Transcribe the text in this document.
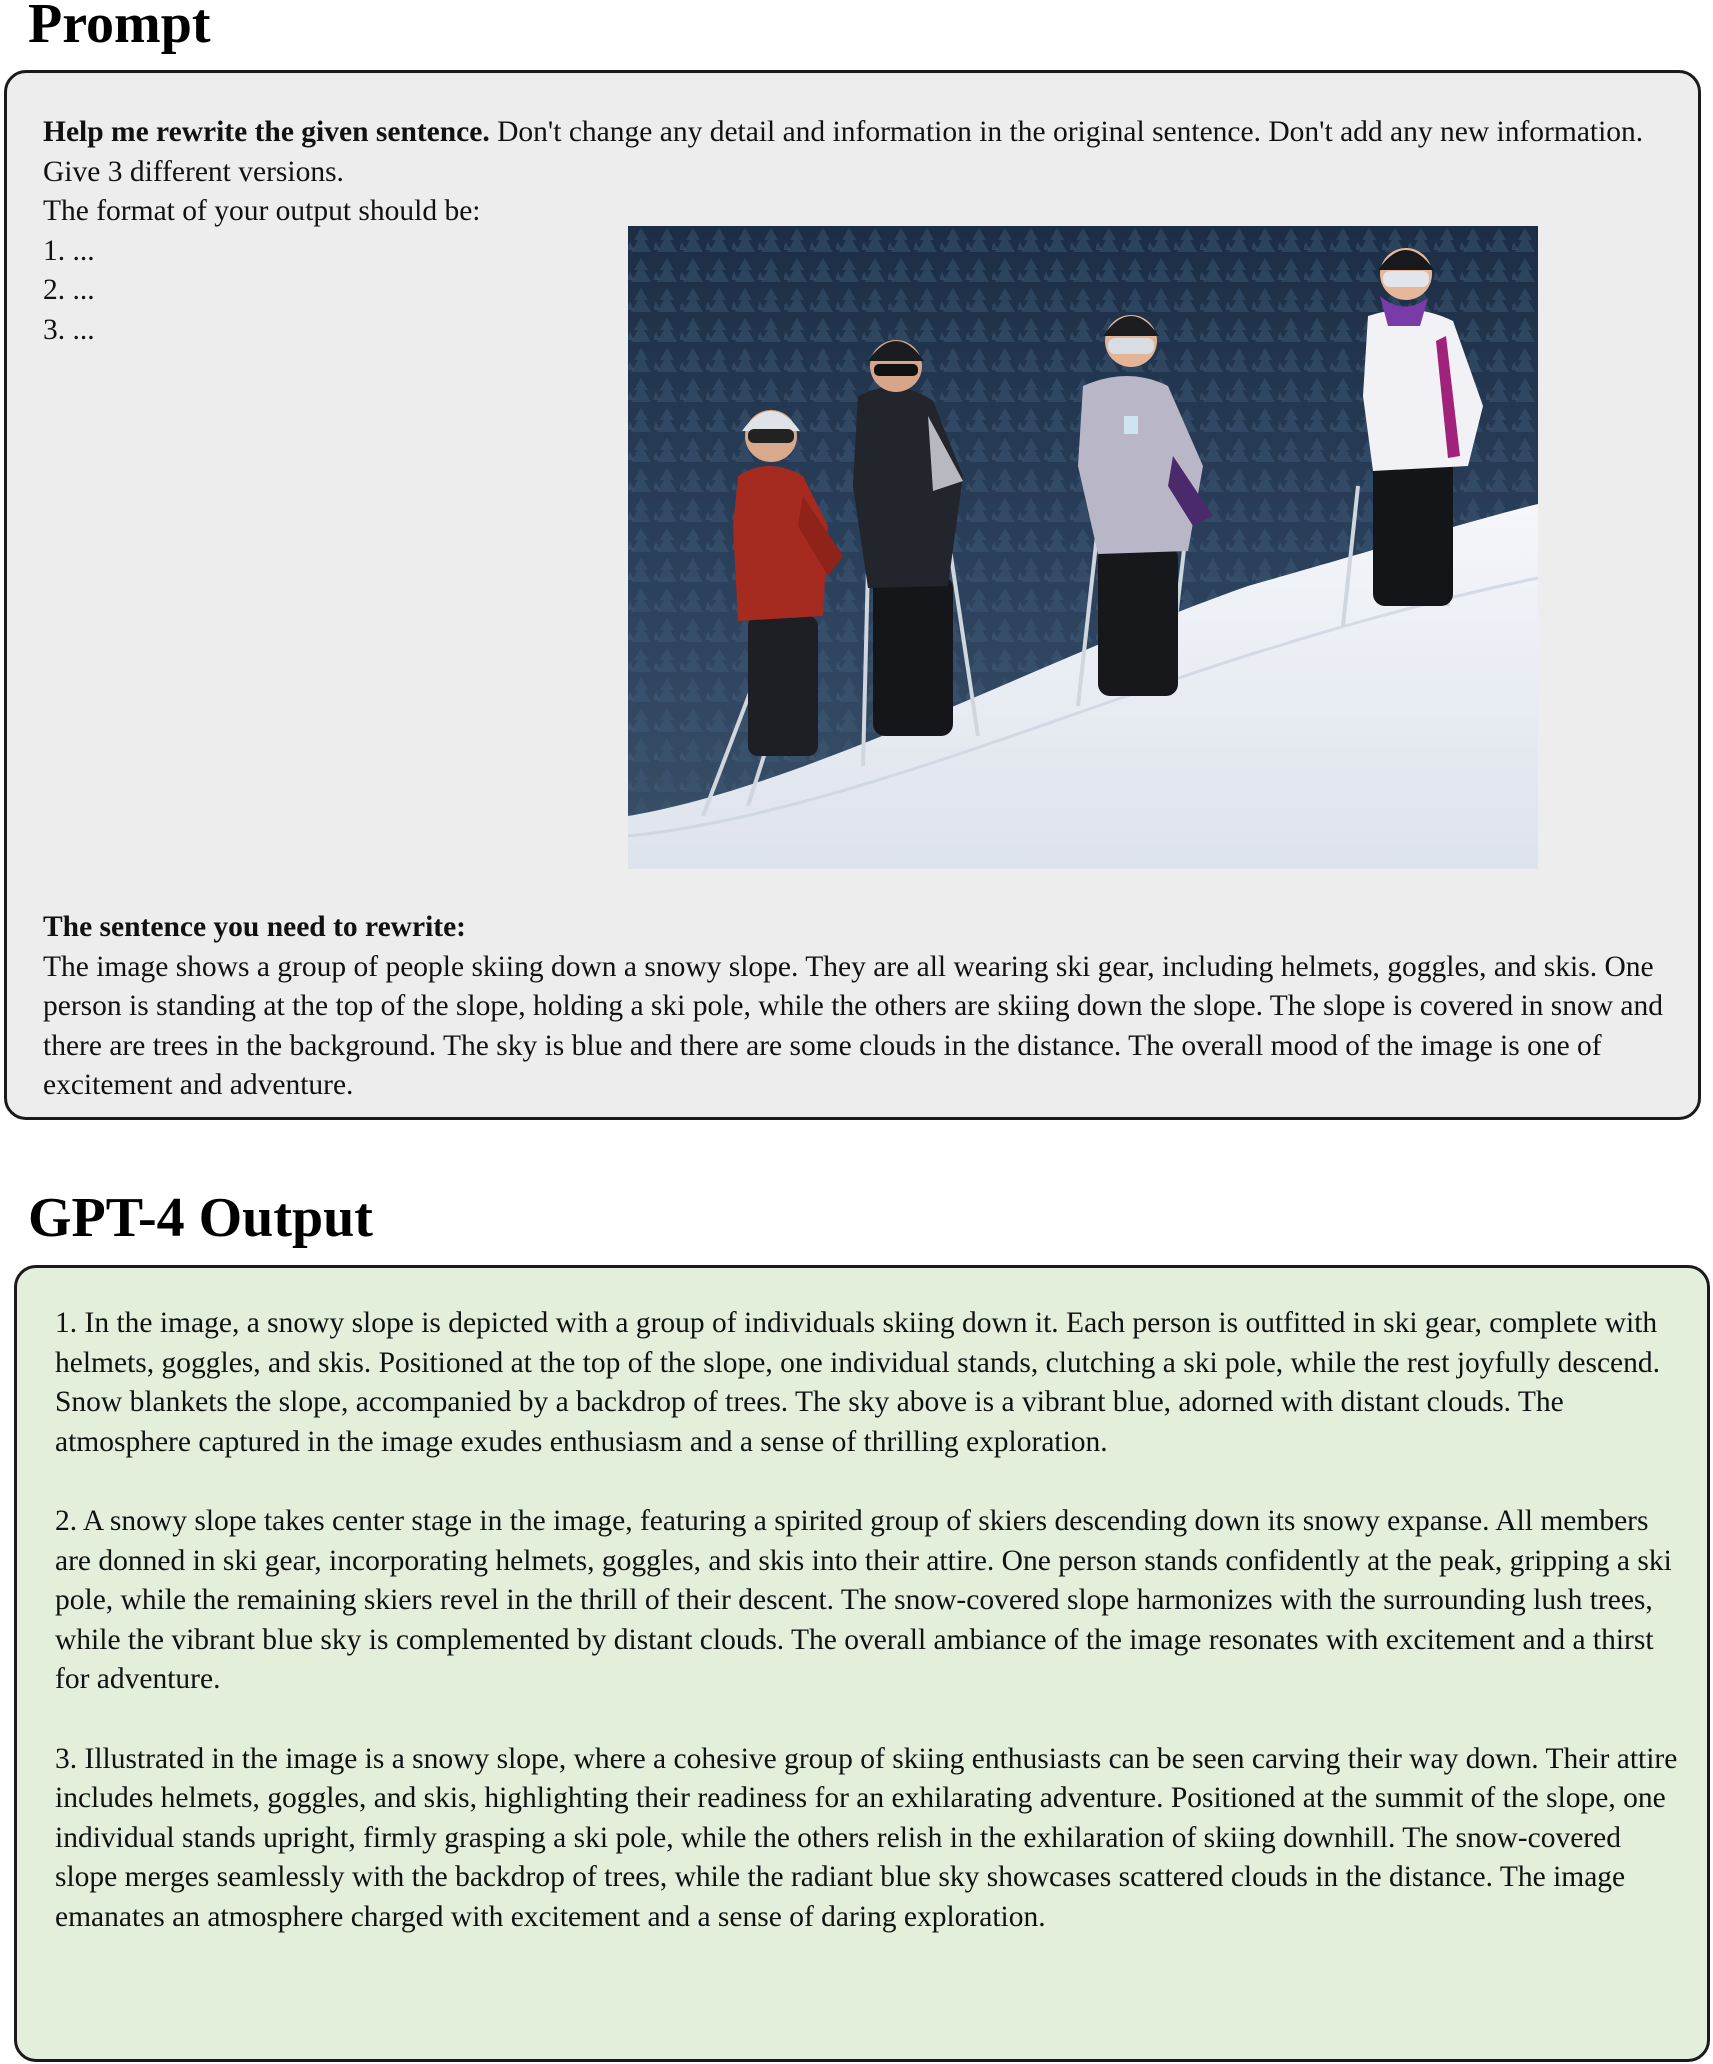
Prompt
Help me rewrite the given sentence. Don't change any detail and information in the original sentence. Don't add any new information. Give 3 different versions.
The format of your output should be:
1. ...
2. ...
3. ...
The sentence you need to rewrite:
The image shows a group of people skiing down a snowy slope. They are all wearing ski gear, including helmets, goggles, and skis. One person is standing at the top of the slope, holding a ski pole, while the others are skiing down the slope. The slope is covered in snow and there are trees in the background. The sky is blue and there are some clouds in the distance. The overall mood of the image is one of excitement and adventure.
GPT-4 Output

1. In the image, a snowy slope is depicted with a group of individuals skiing down it. Each person is outfitted in ski gear, complete with helmets, goggles, and skis. Positioned at the top of the slope, one individual stands, clutching a ski pole, while the rest joyfully descend. Snow blankets the slope, accompanied by a backdrop of trees. The sky above is a vibrant blue, adorned with distant clouds. The atmosphere captured in the image exudes enthusiasm and a sense of thrilling exploration.

2. A snowy slope takes center stage in the image, featuring a spirited group of skiers descending down its snowy expanse. All members are donned in ski gear, incorporating helmets, goggles, and skis into their attire. One person stands confidently at the peak, gripping a ski pole, while the remaining skiers revel in the thrill of their descent. The snow-covered slope harmonizes with the surrounding lush trees, while the vibrant blue sky is complemented by distant clouds. The overall ambiance of the image resonates with excitement and a thirst for adventure.

3. Illustrated in the image is a snowy slope, where a cohesive group of skiing enthusiasts can be seen carving their way down. Their attire includes helmets, goggles, and skis, highlighting their readiness for an exhilarating adventure. Positioned at the summit of the slope, one individual stands upright, firmly grasping a ski pole, while the others relish in the exhilaration of skiing downhill. The snow-covered slope merges seamlessly with the backdrop of trees, while the radiant blue sky showcases scattered clouds in the distance. The image emanates an atmosphere charged with excitement and a sense of daring exploration.
